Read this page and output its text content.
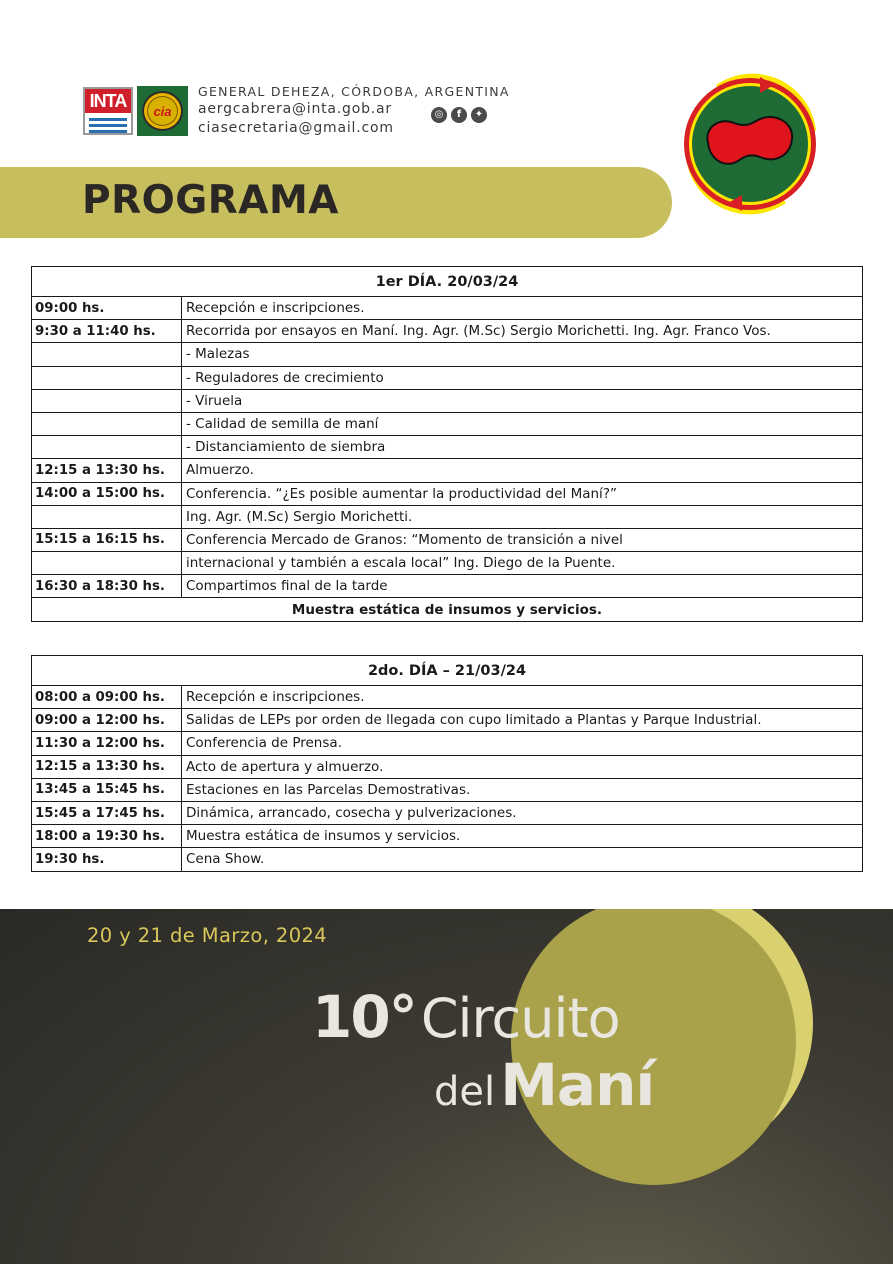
INTA
cia
GENERAL DEHEZA, CÓRDOBA, ARGENTINA
aergcabrera@inta.gob.ar
ciasecretaria@gmail.com
◎	f	✦
PROGRAMA
1er DÍA. 20/03/24	
09:00 hs.	Recepción e inscripciones.
9:30 a 11:40 hs.	Recorrida por ensayos en Maní. Ing. Agr. (M.Sc) Sergio Morichetti. Ing. Agr. Franco Vos.
	- Malezas
	- Reguladores de crecimiento
	- Viruela
	- Calidad de semilla de maní
	- Distanciamiento de siembra
12:15 a 13:30 hs.	Almuerzo.
14:00 a 15:00 hs.	Conferencia. “¿Es posible aumentar la productividad del Maní?”
	Ing. Agr. (M.Sc) Sergio Morichetti.
15:15 a 16:15 hs.	Conferencia Mercado de Granos: “Momento de transición a nivel
	internacional y también a escala local” Ing. Diego de la Puente.
16:30 a 18:30 hs.	Compartimos final de la tarde
Muestra estática de insumos y servicios.	
2do. DÍA – 21/03/24	
08:00 a 09:00 hs.	Recepción e inscripciones.
09:00 a 12:00 hs.	Salidas de LEPs por orden de llegada con cupo limitado a Plantas y Parque Industrial.
11:30 a 12:00 hs.	Conferencia de Prensa.
12:15 a 13:30 hs.	Acto de apertura y almuerzo.
13:45 a 15:45 hs.	Estaciones en las Parcelas Demostrativas.
15:45 a 17:45 hs.	Dinámica, arrancado, cosecha y pulverizaciones.
18:00 a 19:30 hs.	Muestra estática de insumos y servicios.
19:30 hs.	Cena Show.
20 y 21 de Marzo, 2024
10° Circuito
del Maní
